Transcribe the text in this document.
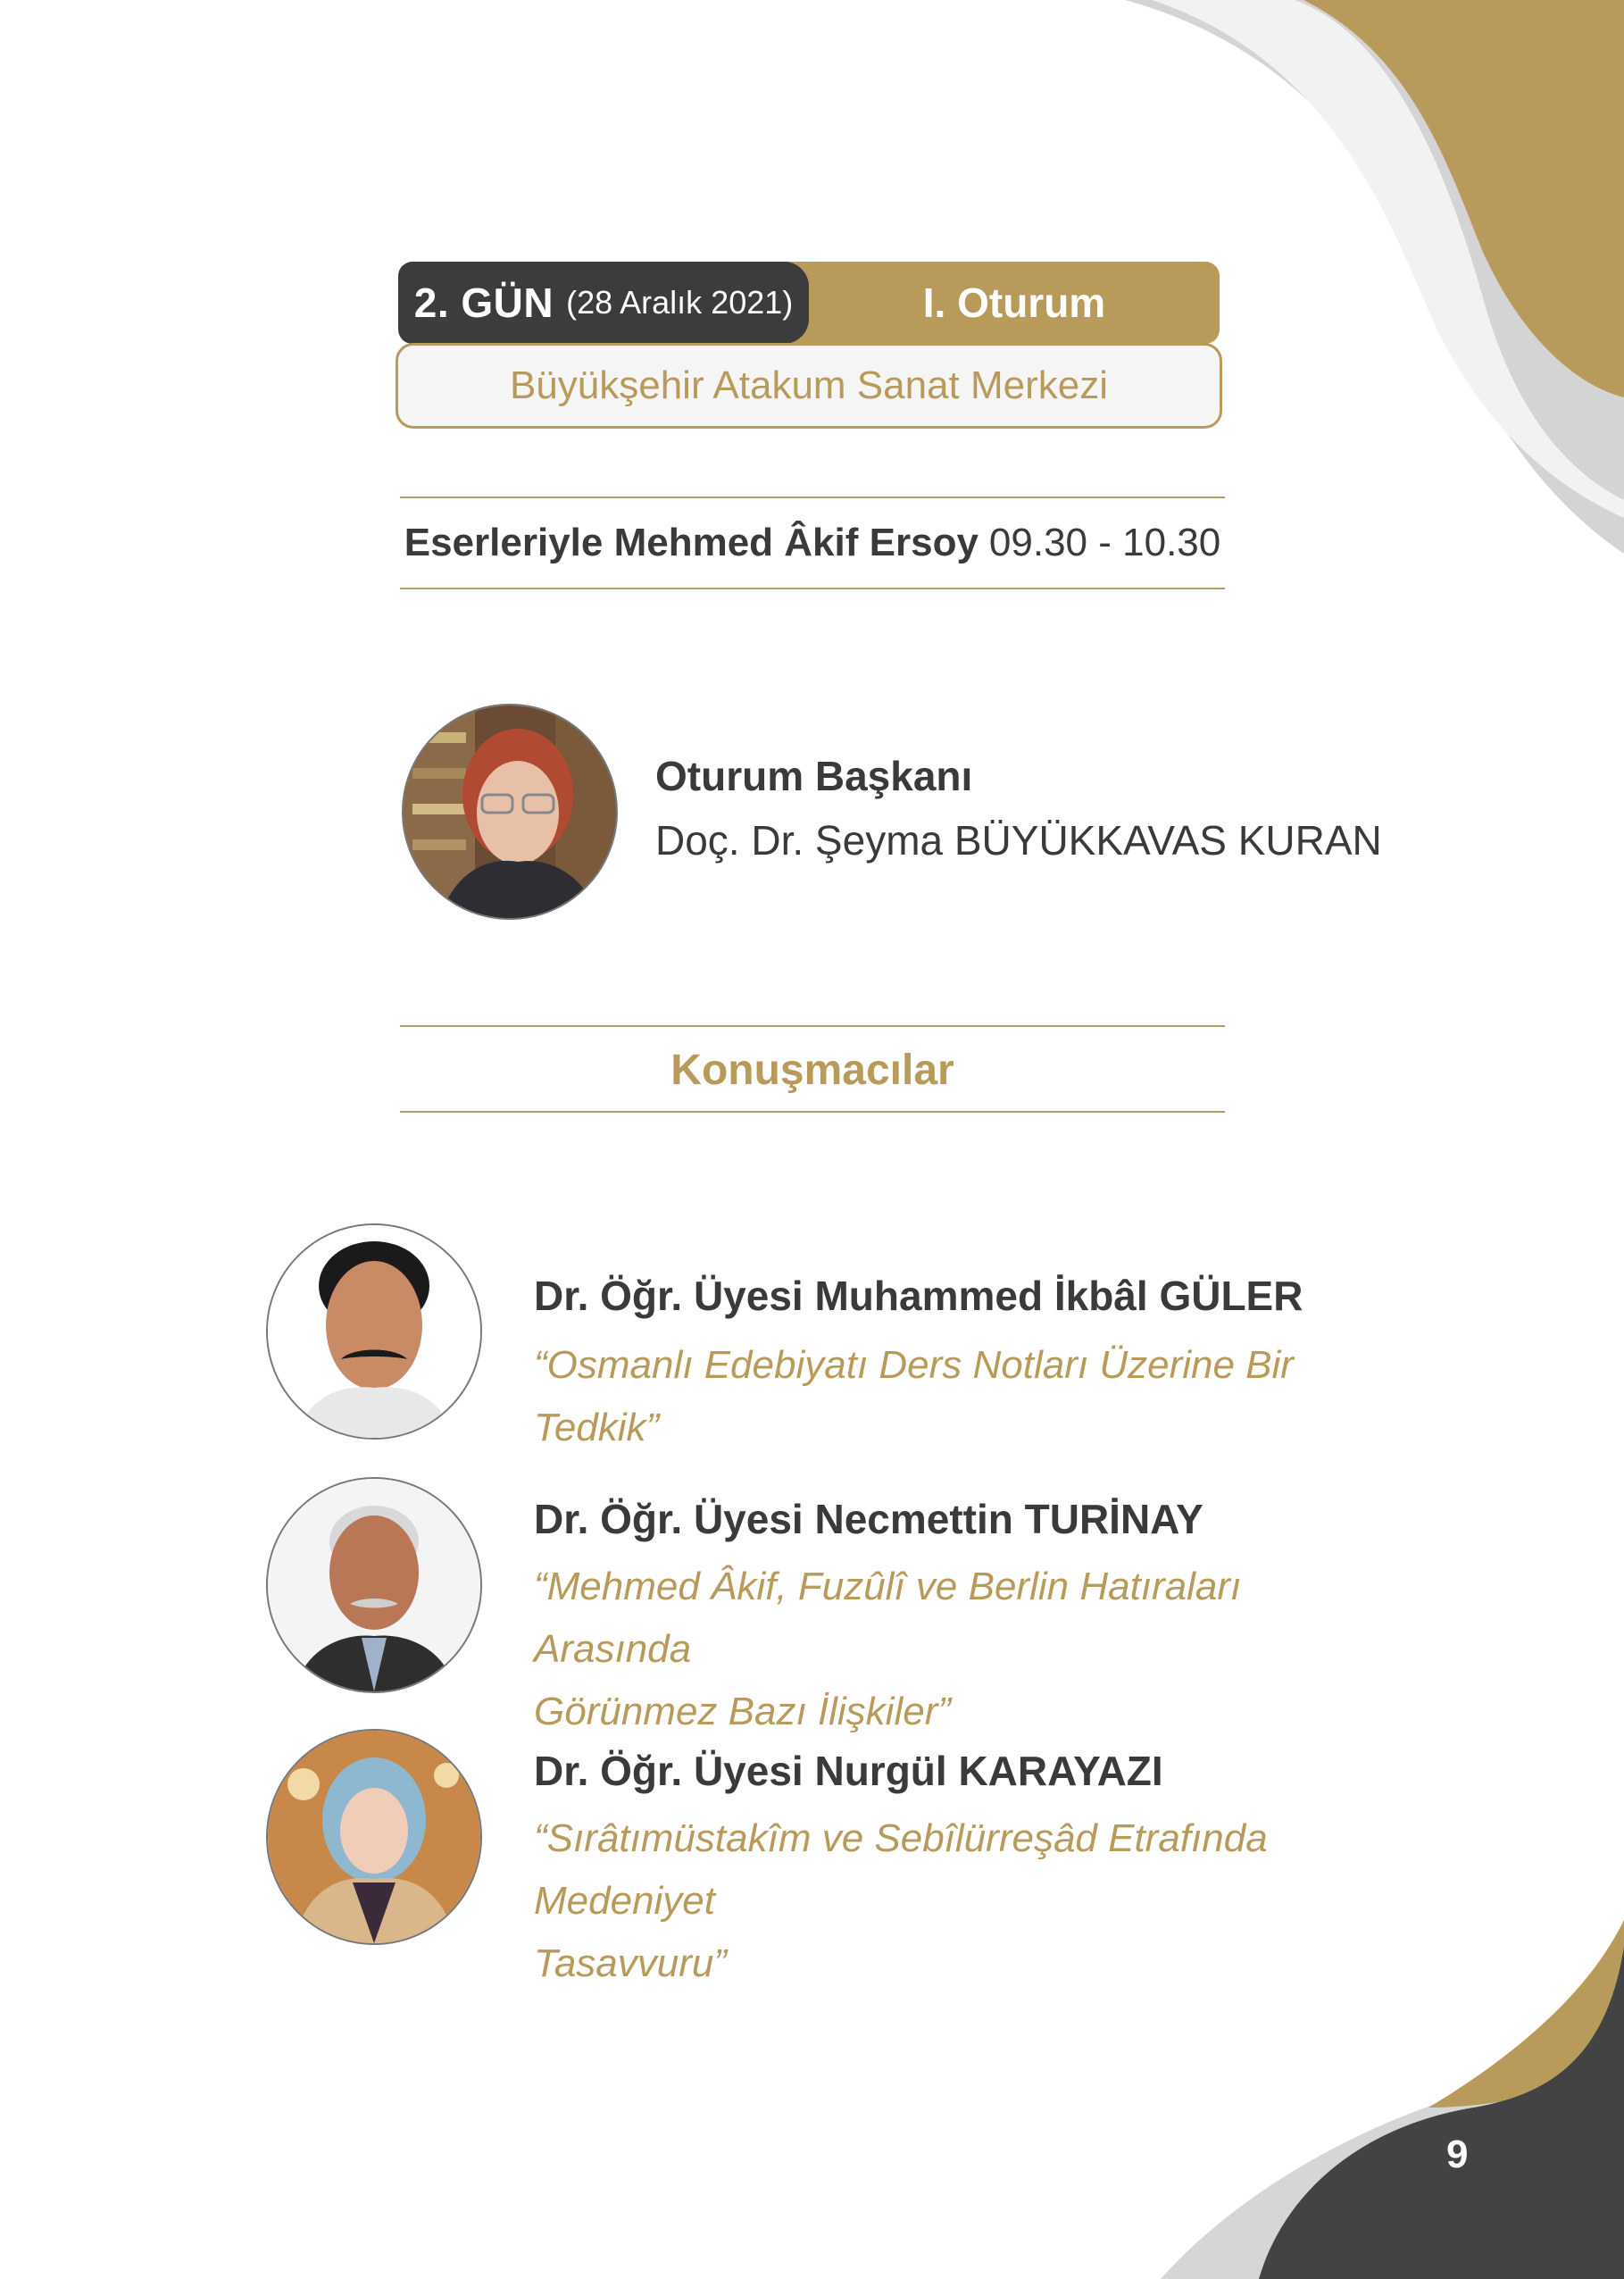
2. GÜN (28 Aralık 2021)	I. Oturum
Büyükşehir Atakum Sanat Merkezi
Eserleriyle Mehmed Âkif Ersoy 09.30 - 10.30
Oturum Başkanı
Doç. Dr. Şeyma BÜYÜKKAVAS KURAN
Konuşmacılar
Dr. Öğr. Üyesi Muhammed İkbâl GÜLER
“Osmanlı Edebiyatı Ders Notları Üzerine Bir Tedkik”
Dr. Öğr. Üyesi Necmettin TURİNAY
“Mehmed Âkif, Fuzûlî ve Berlin Hatıraları Arasında
Görünmez Bazı İlişkiler”
Dr. Öğr. Üyesi Nurgül KARAYAZI
“Sırâtımüstakîm ve Sebîlürreşâd Etrafında Medeniyet
Tasavvuru”
9
